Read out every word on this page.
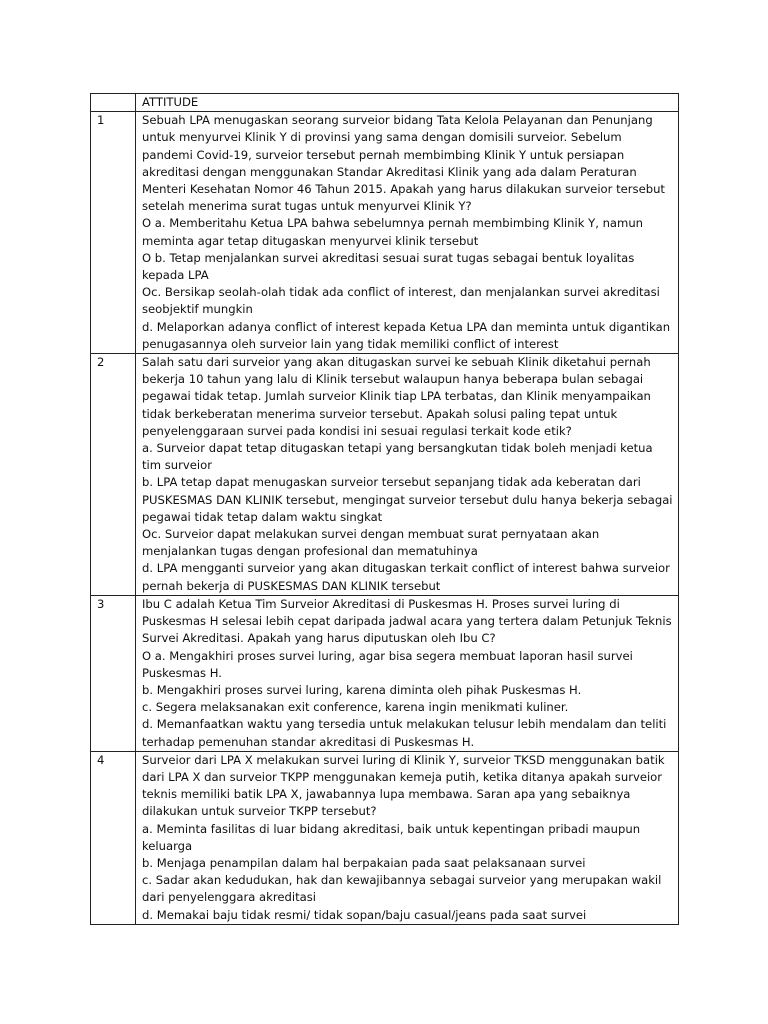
	ATTITUDE
1	Sebuah LPA menugaskan seorang surveior bidang Tata Kelola Pelayanan dan Penunjang untuk menyurvei Klinik Y di provinsi yang sama dengan domisili surveior. Sebelum pandemi Covid-19, surveior tersebut pernah membimbing Klinik Y untuk persiapan akreditasi dengan menggunakan Standar Akreditasi Klinik yang ada dalam Peraturan Menteri Kesehatan Nomor 46 Tahun 2015. Apakah yang harus dilakukan surveior tersebut setelah menerima surat tugas untuk menyurvei Klinik Y?
O a. Memberitahu Ketua LPA bahwa sebelumnya pernah membimbing Klinik Y, namun meminta agar tetap ditugaskan menyurvei klinik tersebut
O b. Tetap menjalankan survei akreditasi sesuai surat tugas sebagai bentuk loyalitas kepada LPA
Oc. Bersikap seolah-olah tidak ada conflict of interest, dan menjalankan survei akreditasi seobjektif mungkin
d. Melaporkan adanya conflict of interest kepada Ketua LPA dan meminta untuk digantikan penugasannya oleh surveior lain yang tidak memiliki conflict of interest

2	Salah satu dari surveior yang akan ditugaskan survei ke sebuah Klinik diketahui pernah bekerja 10 tahun yang lalu di Klinik tersebut walaupun hanya beberapa bulan sebagai pegawai tidak tetap. Jumlah surveior Klinik tiap LPA terbatas, dan Klinik menyampaikan tidak berkeberatan menerima surveior tersebut. Apakah solusi paling tepat untuk penyelenggaraan survei pada kondisi ini sesuai regulasi terkait kode etik?
a. Surveior dapat tetap ditugaskan tetapi yang bersangkutan tidak boleh menjadi ketua tim surveior
b. LPA tetap dapat menugaskan surveior tersebut sepanjang tidak ada keberatan dari PUSKESMAS DAN KLINIK tersebut, mengingat surveior tersebut dulu hanya bekerja sebagai pegawai tidak tetap dalam waktu singkat
Oc. Surveior dapat melakukan survei dengan membuat surat pernyataan akan menjalankan tugas dengan profesional dan mematuhinya
d. LPA mengganti surveior yang akan ditugaskan terkait conflict of interest bahwa surveior pernah bekerja di PUSKESMAS DAN KLINIK tersebut

3	Ibu C adalah Ketua Tim Surveior Akreditasi di Puskesmas H. Proses survei luring di Puskesmas H selesai lebih cepat daripada jadwal acara yang tertera dalam Petunjuk Teknis Survei Akreditasi. Apakah yang harus diputuskan oleh Ibu C?
O a. Mengakhiri proses survei luring, agar bisa segera membuat laporan hasil survei Puskesmas H.
b. Mengakhiri proses survei luring, karena diminta oleh pihak Puskesmas H.
c. Segera melaksanakan exit conference, karena ingin menikmati kuliner.
d. Memanfaatkan waktu yang tersedia untuk melakukan telusur lebih mendalam dan teliti terhadap pemenuhan standar akreditasi di Puskesmas H.

4	Surveior dari LPA X melakukan survei luring di Klinik Y, surveior TKSD menggunakan batik dari LPA X dan surveior TKPP menggunakan kemeja putih, ketika ditanya apakah surveior teknis memiliki batik LPA X, jawabannya lupa membawa. Saran apa yang sebaiknya dilakukan untuk surveior TKPP tersebut?
a. Meminta fasilitas di luar bidang akreditasi, baik untuk kepentingan pribadi maupun keluarga
b. Menjaga penampilan dalam hal berpakaian pada saat pelaksanaan survei
c. Sadar akan kedudukan, hak dan kewajibannya sebagai surveior yang merupakan wakil dari penyelenggara akreditasi
d. Memakai baju tidak resmi/ tidak sopan/baju casual/jeans pada saat survei
